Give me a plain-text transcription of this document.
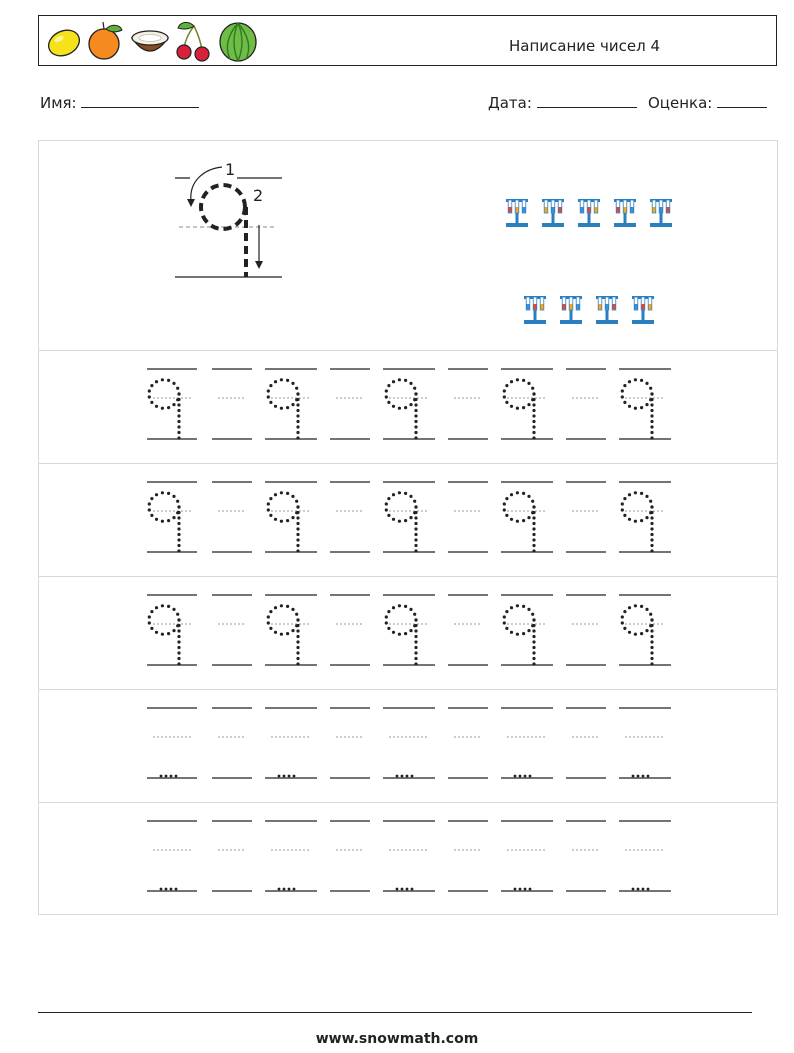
Написание чисел 4
Имя:	Дата:	Оценка:
1
2
www.snowmath.com
